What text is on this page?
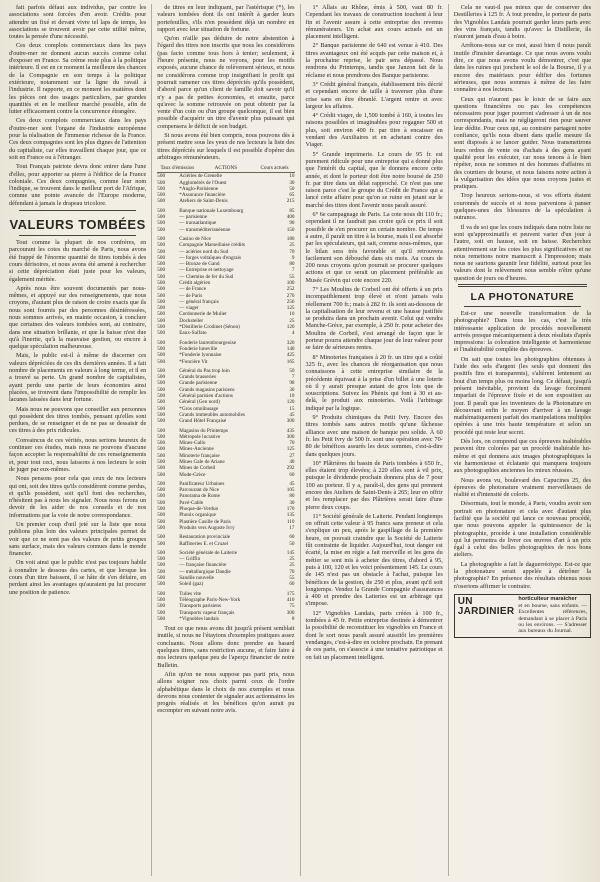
fait parfois défaut aux individus, par contre les associations sont forcées d'en avoir. Crédits pour attendre un fixé et devant vivre tel laps de temps, les associations se trouvent avoir par cette utilité même, toutes la pensée d'une nécessité.

Ces deux complots commerciaux dans les pays d'outre-mer ne donnent aucun succès comme celui d'exposer en France. Sa crème reste plus à la politique intérieure. Il est en ce moment la meilleure des chances de la Compagnie en son temps à la politique extérieure, notamment sur la ligne du ravail à l'industrie. Il rapporte, en ce moment les matières dont les pièces ont des usages particuliers, par grandes quantités et en le meilleur marché possible, afin de lutter efficacement contre la concurrence étrangère.

Ces deux complots commerciaux dans les pays d'outre-mer sont l'organe de l'industrie européenne pour la réalisation de l'immense richesse de la France. Ces deux compagnies sont les plus dignes de l'attention du capitaliste, car elles travaillent chaque jour, que ce soit en France ou à l'étranger.

Tout Français patriote devra donc entrer dans l'une d'elles, pour apporter sa pierre à l'édifice de la France coloniale. Ces deux compagnies, comme leur nom l'indique, se trouvent dans le meilleur port de l'Afrique, comme une pointe avancée de l'Europe moderne, défendant à jamais le drapeau tricolore.

VALEURS TOMBÉES

Tout comme la plupart de nos confrères, en parcourant les cotes du marché de Paris, nous avons été frappé de l'énorme quantité de titres tombés à des cours dérisoires, et nous avons été amené à rechercher si cette dépréciation était juste pour les valeurs, également méritée.

Après nous être souvent documentés par nous-mêmes, et appuyé sur des renseignements, que nous croyons, d'autant plus de raison de croire exacts que ils nous sont fournis par des personnes désintéressées, nous sommes arrivés, en mainte occasion, à conclure que certaines des valeurs tombées sont, au contraire, dans une situation brillante, et que la baisse n'est due qu'à l'inertie, qu'à la mauvaise gestion, ou encore à quelque spéculation malheureuse.

Mais, le public est-il à même de discerner ces valeurs dépréciées de ces dix dernières années. Il a fait nombre de placements en valeurs à long terme, et il en a trouvé sa perte. Un grand nombre de capitalistes, ayant perdu une partie de leurs économies ainsi placées, se trouvent dans l'impossibilité de remplir les lacunes laissées dans leur fortune.

Mais nous ne pouvons que conseiller aux personnes qui possèdent des titres tombés, pensant qu'elles sont perdues, de se renseigner et de ne pas se dessaisir de ces titres à des prix ridicules.

Convaincus de ces vérités, nous serions heureux de continuer ces études, mais nous ne pouvons d'aucune façon accepter la responsabilité de ces renseignements et, pour tout ceci, nous laissons à nos lecteurs le soin de juger par eux-mêmes.

Nous pensons pour cela que ceux de nos lecteurs qui ont, soit des titres qu'ils considèrent comme perdus, et qu'ils possèdent, soit qu'il font des recherches, n'hésitent pas à nous les signaler. Nous nous ferons un devoir de les aider de nos conseils et de nos informations par la voie de notre correspondance.

Un premier coup d'œil jeté sur la liste que nous publions plus loin des valeurs principales permet de voir que ce ne sont pas des valeurs de petits groupes sans surface, mais des valeurs connues dans le monde financier.

On voit ainsi que le public n'est pas toujours habile à connaître le dessous des cartes, et que lorsque les cours d'un titre baissent, il se hâte de s'en défaire, en perdant ainsi les avantages qu'auraient pu lui procurer une position de patience.

de titres en leur indiquant, par l'astérisque (*), les valeurs tombées dont ils ont intérêt à garder leurs portefeuilles, s'ils n'en possèdent déjà un nombre en rapport avec leur situation de fortune.

Qu'on n'aille pas déduire de notre abstention à l'égard des titres non inscrits que nous les considérons (pas facto comme tous hors à tenter; seulement, à l'heure présente, nous ne voyons, pour les motifs exposés, aucune chance de relèvement sérieux, et nous ne considérons comme trop insignifiant le profit qui pourrait ramener ces titres dépréciés qu'ils possèdent, d'abord parce qu'un client de famille doit savoir qu'il n'y a pas de petites économies, et ensuite, parce qu'avec la somme retrouvée on peut obtenir par la vente d'un coin ou d'un groupe quelconque, il est bien possible d'acquérir un titre d'avenir plus puissant qui compensera le déficit de son budget.

Si nous avons été bien compris, nous pouvons dès à présent mettre sous les yeux de nos lecteurs la liste des titres dépréciés sur lesquels il est possible d'opérer des arbitrages rémunérateurs.

Taux d'émission	ACTIONS	Cours actuels
500	Aciéries de Grenelle	10
500	Agglomérés de l'Ouest	30
500	*Anglo-Parisienne	50
500	*Assurance financière	65
500	Ateliers de Saint-Denis	215
500	Banque nationale Luxembourg	85
500	— parisienne	400
500	— transatlantique	90
500	— transméditerranéenne	150
500	Casino de Nice	180
500	Compagnie Marseillaise crédits	25
500	— aciéries nord du Sud	70
500	— forges voltaïques d'engrais	9
500	— Bronze de Gand	80
500	— Entreprise et nettoyage	7
500	— Chemins de fer du Sud	55
500	Crédit algérien	100
500	— de France	252
500	— de Paris	270
500	— général français	256
500	— viager	125
500	Cordonnerie de Mulier	10
500	Docksteiler	25
500	*Distillerie Crodinet (Sénon)	120
500	Eaux-Sulfato	4
500	Fonderie laurembourgeoise	320
500	Fonderie luneville	140
500	*Fonderie lyonnaise	425
500	*Foncière Vit	165
500	Général du Pas trop loin	50
500	Grands brasseries	7
500	Grande parisienne	98
500	Grands magasins parisiens	30
500	Général parisien d'actions	10
500	Général (Gen nord)	120
500	*Gros omnibusage	15
500	Grands immeubles automobiles	45
500	Grand Hôtel Françaisé	300
500	Magasins du Printemps	435
500	Métropole lucrative	300
500	Mines-Gallo	70
500	Mines-Ancienne	125
500	Minoterie française	27
500	Mines Gale de Ariane	40
500	Mines de Corbeil	292
500	Mode-Grèce	60
500	Panificateur Urbaines	45
500	Parcourant de Nice	105
500	Panorama de Rome	80
500	Pavé-Cable	30
500	Phoque-de-Verdun	170
500	Phonix organique	135
500	Plastière Casille de Paris	110
500	Produits vers Auguste Ivry	17
500	Restauration provinciale	60
500	Raffineries E. et Cruzel	50
500	Société générale de Laiterie	145
500	— Griffin	25
500	— française financière	25
500	— métallurgique Dandie	70
500	Sandile nouvelle	55
500	Soleil (gaz)	60
500	Tuiles vite	175
500	Téléographe Paris-New-York	410
500	Transports parisiens	75
500	Transports vapeur français	300
500	*Vignobles landais	8

Tout ce que nous avons dit jusqu'à présent semblait inutile, si nous ne l'étayions d'exemples pratiques assez concluants. Nous allons donc prendre au hasard quelques titres, sans restriction aucune, et faire faire à nos lecteurs quelque peu de l'aperçu financier de notre Bulletin.

Afin qu'on ne nous suppose pas parti pris, nous allons soigner nos choix parmi ceux de l'ordre alphabétique dans le choix de nos exemples et nous devrons nous contenter de signaler aux actionnaires les progrès réalisés et les bénéfices qu'on aurait pu escompter en suivant notre avis.

1° Allais au Rhône, émis à 500, vaut 80 fr. Cependant les travaux de construction touchent à leur fin et l'avenir assure à cette entreprise des revenus rémunérateurs. Un achat aux cours actuels est un placement intelligent.

2° Banque parisienne de 640 est venue à 410. Des titres avantageux ont été acquis par cette maison et, à la prochaine reprise, le pair sera dépassé. Nous rendrons du Printemps, tandis que Janzon fait de la réclame et nous prendrons des Banque parisienne.

3° Crédit général français, établissement très décrié et cependant encore de taille à traverser plus d'une crise sans en être ébranlé. L'argent rentre et avec largeur les affaires.

4° Crédit viager, de 1,500 tombé à 160, à toutes les raisons possibles et imaginables pour regagner 500 et plus, soit environ 400 fr. par titre à encaisser en vendant des Auxiliaires et en achetant contre des Viager.

5° Grande imprimerie. Le cours de 95 fr. est purement ridicule pour une entreprise qui a donné plus que l'intérêt du capital, que le donnera encore cette année, et dont le porteur doit être notre boursé de 250 fr. par titre dans un délai rapproché. Ce n'est pas une raison parce c'est le groupe du Crédit de France qui a lancé cette affaire pour qu'on se ruine en jetant sur le marché des titres dont l'avenir nous paraît assuré.

6° 6e campagnage de Paris. La cote nous dit 110 fr.; cependant il ne faudrait pas croire qu'à ce prix il soit possible de s'en procurer un certain nombre. De temps à autre, il paraît un titre à la bourse, mais il est absorbé par les spéculateurs, qui sait, comme nous-mêmes, que le bilan sera très favorable et qu'il retrouvera facilement son débouché dans six mois. Au cours de 200 nous croyons qu'on pourrait se procurer quelques actions et que ce serait un placement préférable au Musée Grévin qui cote encore 220.

7° Les Moulins de Corbeil ont été offerts à un prix incompatiblement trop élevé et n'ont jamais valu réellement 700 fr.; mais à 282 fr. ils sont au-dessous de la capitalisation de leur revenu et une hausse justifiée se produira dans un prochain avenir. Celui qui vendra Manche-Grèce, par exemple, à 250 fr. pour acheter des Moulins de Corbeil, s'est arrangé de façon que le porteur pourra attendre chaque jour de leur valeur pour se faire de sérieuses rentes.

8° Minoteries françaises à 20 fr. un titre qui a coûté 325 fr., avec les chances de réorganisation que nous connaissons à cette entreprise similaire de la précédente équivaut à la prise d'un billet à une loterie où il y aurait presque autant de gros lots que de souscriptions. Suivez les Phénix qui font à 30 et au-delà, le produit aux minoteries. Voilà l'arbitrage indiqué par la logique.

9° Produits chimiques du Petit Ivry. Encore des titres tombés sans autres motifs qu'une fâcheuse alliance avec une maison de banque peu solide. À 60 fr. les Petit Ivry de 500 fr. sont une opération avec 70-80 de bénéfices assurés les deux sommes, c'est-à-dire dans quelques jours.

10° Plâtrières du bassin de Paris tombées à 650 fr., elles étaient trop élevées; à 220 elles sont à vil prix, puisque le dividende prochain donnera plus de 7 pour 100 au porteur. Il y a, paraît-il, des gens qui prennent encore des Ateliers de Saint-Denis à 265; leur en offrir et les remplacer par des Plâtrières serait faire d'une pierre deux coups.

11° Société générale de Laiterie. Pendant longtemps on offrait cette valeur à 95 francs sans preneur et cela s'explique un peu, après le gaspillage de la première heure, on pouvait craindre que la Société de Laiterie fût contrainte de liquider. Aujourd'hui, tout danger est écarté, la mise en régie a fait merveille et les gens du métier se sont mis à acheter des titres, d'abord à 95, puis à 100, 120 et les voici présentement 145. Le cours de 145 n'est pas un obstacle à l'achat, puisque les bénéfices de la gestion, de 250 et plus, avant qu'il soit longtemps. Vendez la Grande Compagnie d'assurances à 400 et prendre des Laiteries est un arbitrage qui s'impose.

12° Vignobles Landais, parts créées à 100 fr., tombées à 45 fr. Petite entreprise destinée à démontrer la possibilité de reconstituer les vignobles en France et dont le sort nous paraît assuré aussitôt les premières vendanges, c'est-à-dire en octobre prochain. En prenant de ces parts, on s'associe à une tentative patriotique et on fait un placement intelligent.

Cela ne vaut-il pas mieux que de conserver des Destilleries à 125 fr. À tout prendre, le porteur de parts des Vignobles Landais pourrait garder leurs parts avec des vins français, tandis qu'avec la Distillerie, ils n'auront jamais d'eau à boire.

Arrêtons-nous sur ce mot, aussi bien il nous paraît inutile d'insister davantage. Ce que nous avons voulu dire, ce que nous avons voulu démontrer, c'est que dans les ruines qui jonchent le sol de la Bourse, il y a encore des matériaux pour édifier des fortunes sérieuses, que nous sommes à même de les faire connaître à nos lecteurs.

Ceux qui n'auront pas le loisir de se faire aux questions financières ou pas les compétences nécessaires pour juger pourront s'adresser à un de nos correspondants, mais ne négligeront rien pour sauver leur dédite. Pour ceux qui, au contraire partagent notre confiance, qu'ils nous disent dans quelle mesure ils sont disposés à se lancer guider. Nous transmettrons leurs ordres de vente ou d'achats à des gens ayant qualité pour les exécuter, car nous tenons à le bien répéter, nous ne sommes ni des hommes d'affaires ni des courtiers de bourse, et nous faisons notre action à la vulgarisation des idées que nous croyons justes et pratiques.

Trop heureux serions-nous, si vos efforts étaient couronnés de succès et si nous parvenions à panser quelques-unes des blessures de la spéculation à outrance.

Il va de soi que les cours indiqués dans notre liste ne sont qu'approximatifs et peuvent varier d'un jour à l'autre, soit en hausse, soit en baisse. Recherchez attentivement sur les cotes les plus significatives et ne nous remettons notre manuscrit à l'impression; mais nous ne saurions garantir leur fidélité, surtout pour les valeurs dont le relèvement nous semble n'être qu'une question de jours ou d'heures.

LA PHOTONATURE

Est-ce une nouvelle transformation de la photographie? Dans tous les cas, c'est la très intéressante application de procédés nouvellement arrivés presque mécaniquement à deux résultats d'après impressions: la coloration intelligente et harmonieuse et l'inaltérabilité complète des épreuves.

On sait que toutes les photographies obtenues à l'aide des sels d'argent (les seuls qui donnent des positifs fins et transparents), s'altèrent lentement au bout d'un temps plus ou moins long. Ce défaut, jusqu'à présent inévitable, provient du lavage forcément imparfait de l'épreuve fixée et de son exposition au jour. Il paraît que les inventeurs de la Photonature en découvrant enfin le moyen d'arriver à un lavage mathématiquement parfait des manipulations multiples opérées à une très haute température et selon un procédé qui reste leur secret.

Dès lors, on comprend que ces épreuves inaltérables peuvent être colorées par un procédé inaltérable lui-même et qui donnera aux images photographiques la vie harmonieuse et éclatante qui manquera toujours aux photographies anciennes les mieux réussies.

Nous avons vu, boulevard des Capucines 25, des épreuves de photonature vraiment merveilleuses de réalité et d'intensité de coloris.

Désormais, tout le monde, à Paris, voudra avoir son portrait en photonature et cela avec d'autant plus facilité que la société qui lance ce nouveau procédé, que nous pouvons appeler la quintessence de la photographie, procède à une installation considérable qui lui permettra de livrer ces œuvres d'art à un prix égal à celui des belles photographies de nos bons ateliers.

La photographie a fait le daguerréotype. Est-ce que la photonature serait appelée à détrôner la photographie? En présence des résultats obtenus nous n'oserions affirmer le contraire.

UN JARDINIER
horticulteur maraîcher
et en bourse, sans enfants. — Excellentes références, demandant à se placer à Paris ou les environs. — S'adresser aux bureaux du Journal.
